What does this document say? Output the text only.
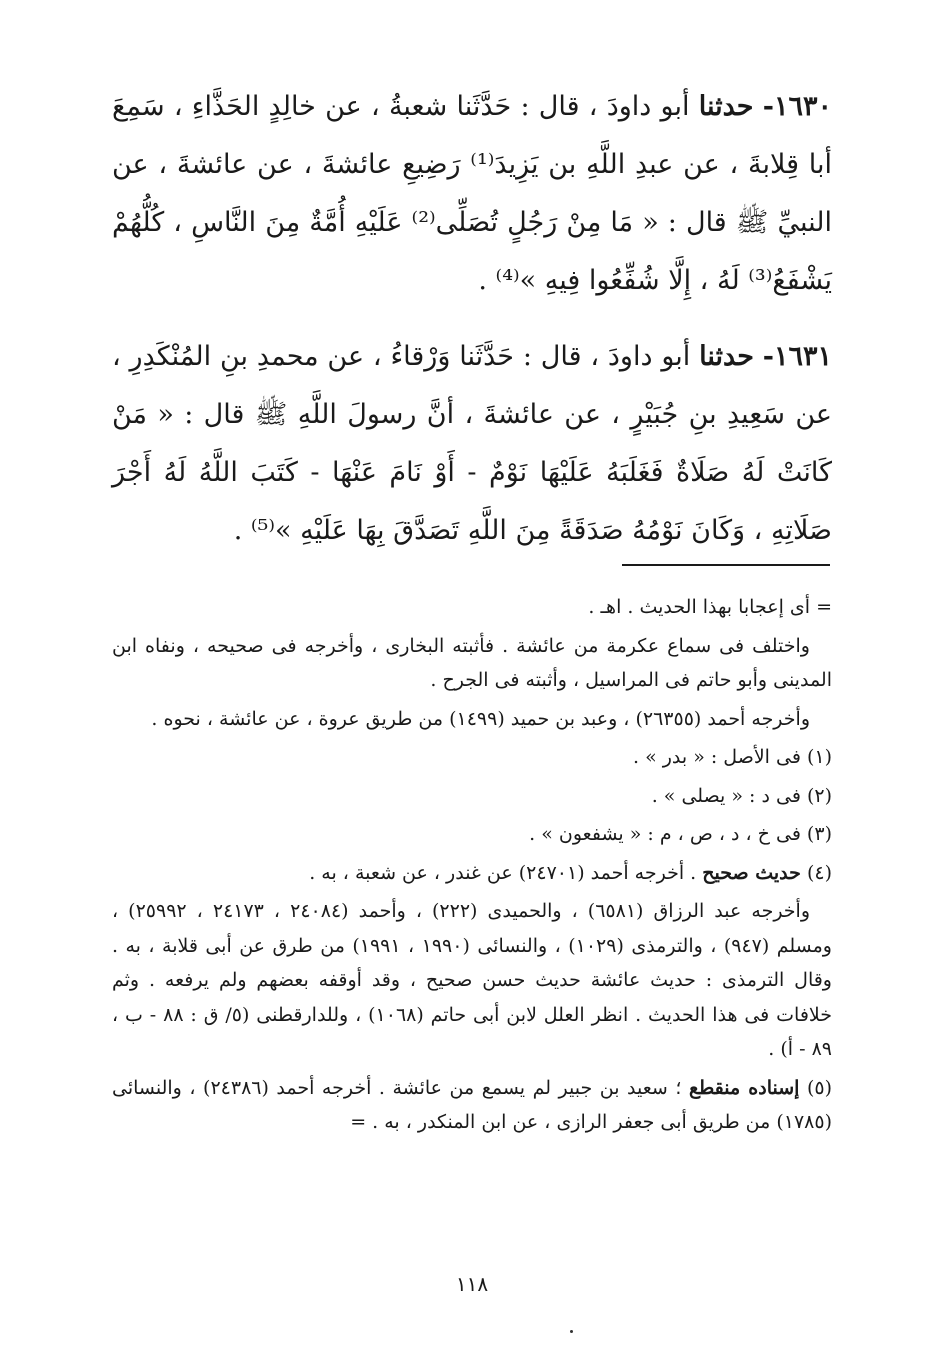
١٦٣٠- حدثنا أبو داودَ ، قال : حَدَّثَنا شعبةُ ، عن خالِدٍ الحَذَّاءِ ، سَمِعَ أبا قِلابةَ ، عن عبدِ اللَّهِ بن يَزِيدَ⁽¹⁾ رَضِيعِ عائشةَ ، عن عائشةَ ، عن النبيِّ ﷺ قال : « مَا مِنْ رَجُلٍ تُصَلِّى⁽²⁾ عَلَيْهِ أُمَّةٌ مِنَ النَّاسِ ، كُلُّهُمْ يَشْفَعُ⁽³⁾ لَهُ ، إِلَّا شُفِّعُوا فِيهِ »⁽⁴⁾ .

١٦٣١- حدثنا أبو داودَ ، قال : حَدَّثَنا وَرْقاءُ ، عن محمدِ بنِ المُنْكَدِرِ ، عن سَعِيدِ بنِ جُبَيْرٍ ، عن عائشةَ ، أنَّ رسولَ اللَّهِ ﷺ قال : « مَنْ كَانَتْ لَهُ صَلَاةٌ فَغَلَبَهُ عَلَيْهَا نَوْمٌ - أَوْ نَامَ عَنْهَا - كَتَبَ اللَّهُ لَهُ أَجْرَ صَلَاتِهِ ، وَكَانَ نَوْمُهُ صَدَقَةً مِنَ اللَّهِ تَصَدَّقَ بِهَا عَلَيْهِ »⁽⁵⁾ .

= أى إعجابا بهذا الحديث . اهـ .

واختلف فى سماع عكرمة من عائشة . فأثبته البخارى ، وأخرجه فى صحيحه ، ونفاه ابن المدينى وأبو حاتم فى المراسيل ، وأثبته فى الجرح .

وأخرجه أحمد (٢٦٣٥٥) ، وعبد بن حميد (١٤٩٩) من طريق عروة ، عن عائشة ، نحوه .

(١) فى الأصل : « بدر » .

(٢) فى د : « يصلى » .

(٣) فى خ ، د ، ص ، م : « يشفعون » .

(٤) حديث صحيح . أخرجه أحمد (٢٤٧٠١) عن غندر ، عن شعبة ، به .

وأخرجه عبد الرزاق (٦٥٨١) ، والحميدى (٢٢٢) ، وأحمد (٢٤٠٨٤ ، ٢٤١٧٣ ، ٢٥٩٩٢) ، ومسلم (٩٤٧) ، والترمذى (١٠٢٩) ، والنسائى (١٩٩٠ ، ١٩٩١) من طرق عن أبى قلابة ، به . وقال الترمذى : حديث عائشة حديث حسن صحيح ، وقد أوقفه بعضهم ولم يرفعه . وثم خلافات فى هذا الحديث . انظر العلل لابن أبى حاتم (١٠٦٨) ، وللدارقطنى (٥/ ق : ٨٨ - ب ، ٨٩ - أ) .

(٥) إسناده منقطع ؛ سعيد بن جبير لم يسمع من عائشة . أخرجه أحمد (٢٤٣٨٦) ، والنسائى (١٧٨٥) من طريق أبى جعفر الرازى ، عن ابن المنكدر ، به . =

١١٨
